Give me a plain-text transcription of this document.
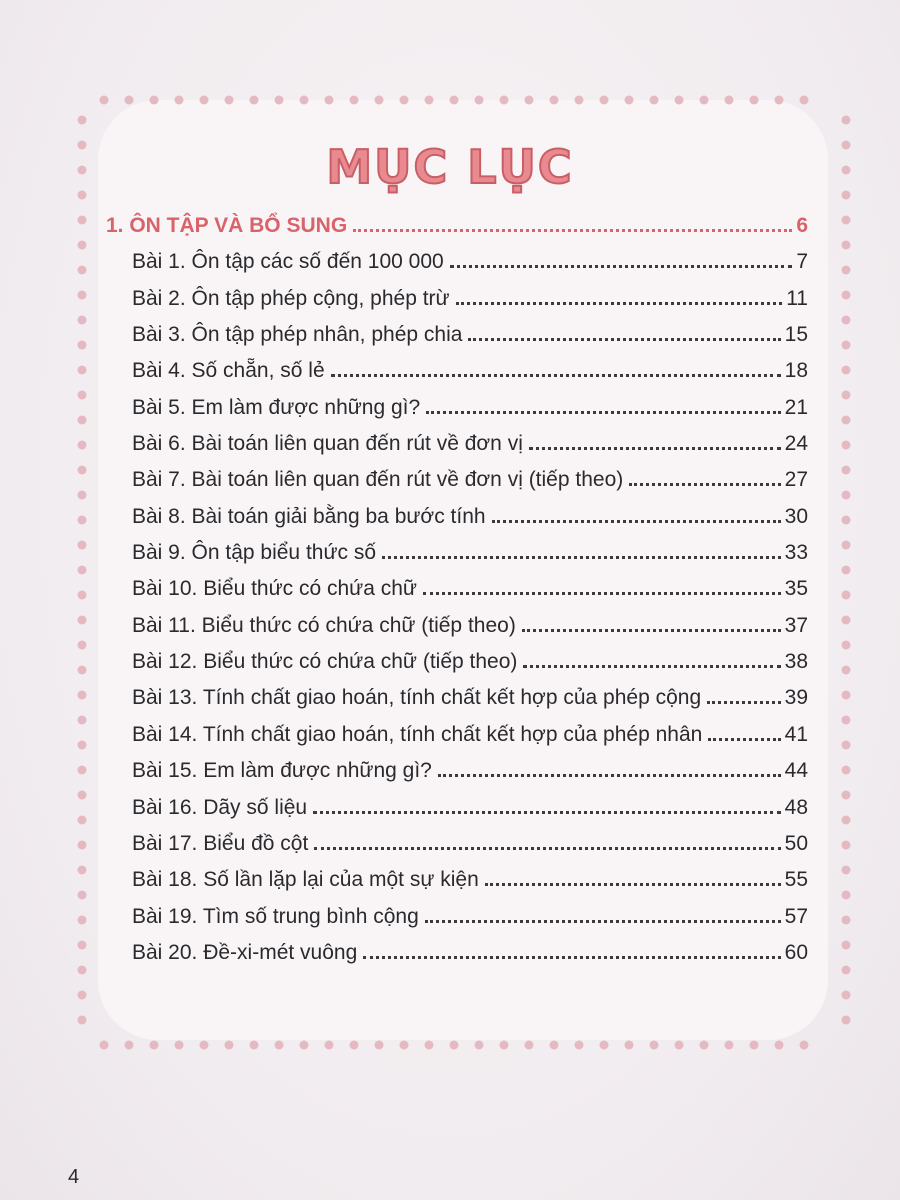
MỤC LỤC
1. ÔN TẬP VÀ BỔ SUNG	6
Bài 1. Ôn tập các số đến 100 000	7
Bài 2. Ôn tập phép cộng, phép trừ	11
Bài 3. Ôn tập phép nhân, phép chia	15
Bài 4. Số chẵn, số lẻ	18
Bài 5. Em làm được những gì?	21
Bài 6. Bài toán liên quan đến rút về đơn vị	24
Bài 7. Bài toán liên quan đến rút về đơn vị (tiếp theo)	27
Bài 8. Bài toán giải bằng ba bước tính	30
Bài 9. Ôn tập biểu thức số	33
Bài 10. Biểu thức có chứa chữ	35
Bài 11. Biểu thức có chứa chữ (tiếp theo)	37
Bài 12. Biểu thức có chứa chữ (tiếp theo)	38
Bài 13. Tính chất giao hoán, tính chất kết hợp của phép cộng	39
Bài 14. Tính chất giao hoán, tính chất kết hợp của phép nhân	41
Bài 15. Em làm được những gì?	44
Bài 16. Dãy số liệu	48
Bài 17. Biểu đồ cột	50
Bài 18. Số lần lặp lại của một sự kiện	55
Bài 19. Tìm số trung bình cộng	57
Bài 20. Đề-xi-mét vuông	60
4
